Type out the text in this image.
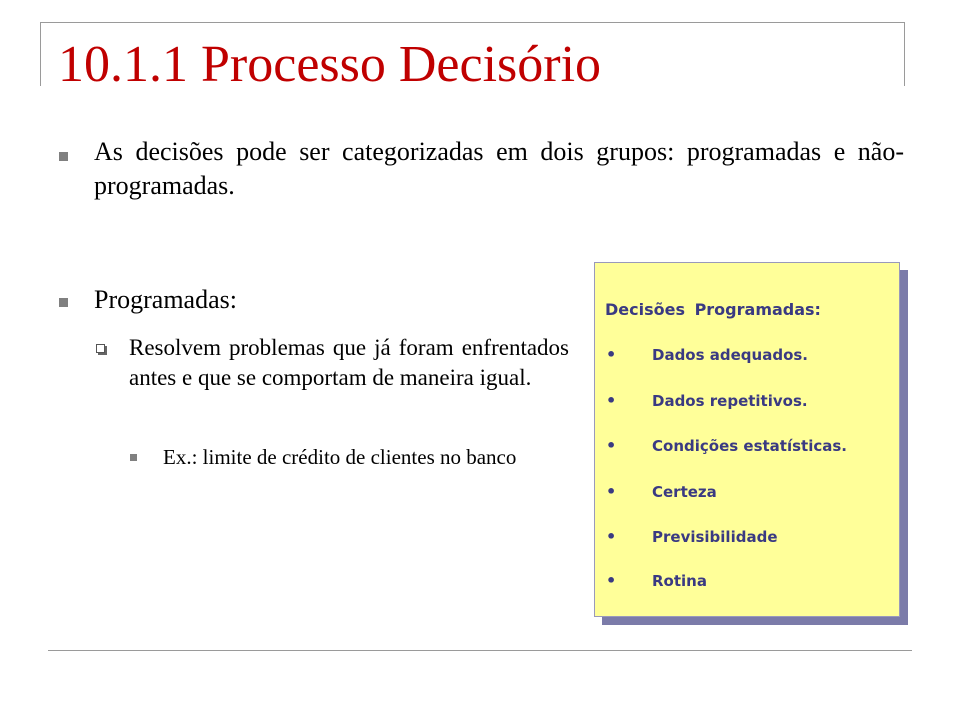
10.1.1 Processo Decisório
As decisões pode ser categorizadas em dois grupos: programadas e não-programadas.
Programadas:
Resolvem problemas que já foram enfrentados antes e que se comportam de maneira igual.
Ex.: limite de crédito de clientes no banco
Decisões Programadas:
• Dados adequados.
• Dados repetitivos.
• Condições estatísticas.
• Certeza
• Previsibilidade
• Rotina
